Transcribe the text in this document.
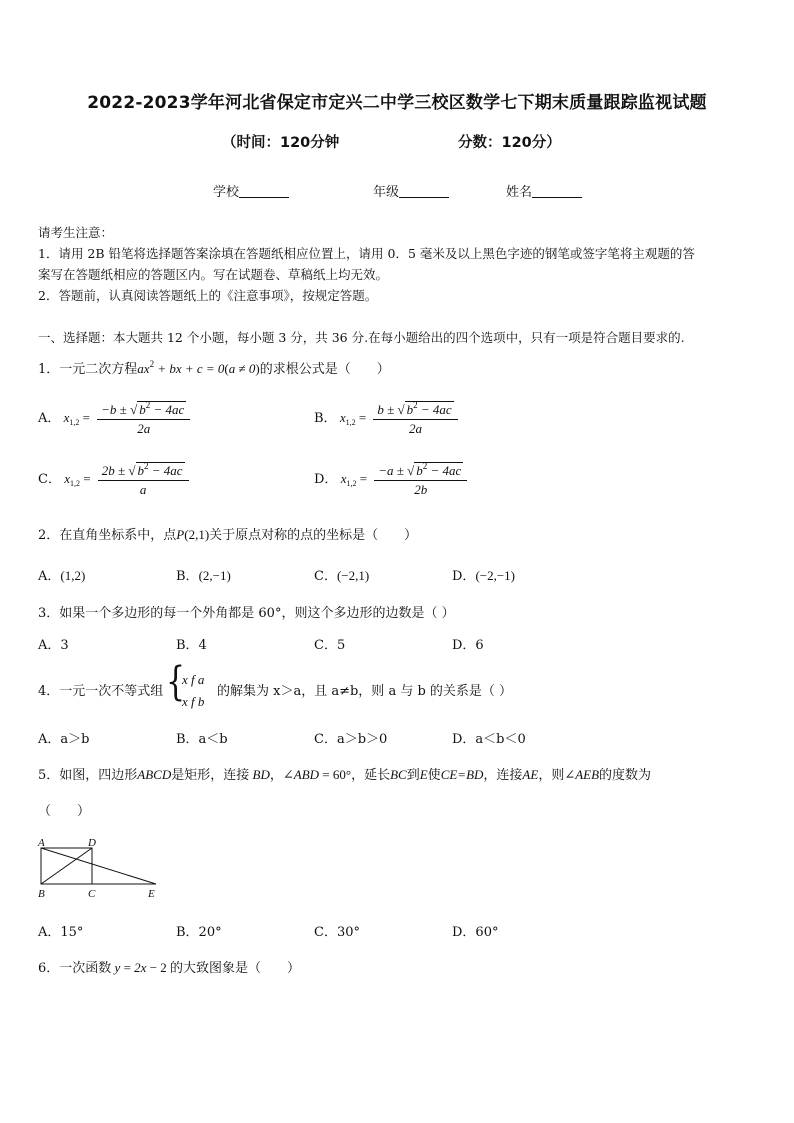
2022-2023学年河北省保定市定兴二中学三校区数学七下期末质量跟踪监视试题
（时间：120分钟	分数：120分）
学校	年级	姓名
请考生注意：
1．请用 2B 铅笔将选择题答案涂填在答题纸相应位置上，请用 0．5 毫米及以上黑色字迹的钢笔或签字笔将主观题的答
案写在答题纸相应的答题区内。写在试题卷、草稿纸上均无效。
2．答题前，认真阅读答题纸上的《注意事项》，按规定答题。
一、选择题：本大题共 12 个小题，每小题 3 分，共 36 分.在每小题给出的四个选项中，只有一项是符合题目要求的.
1．一元二次方程$ax^2$ + bx + c = 0(a ≠ 0)的求根公式是（　　）
A． $x_{1,2} = \frac{-b \pm √ b^2 - 4ac}{2a}$	B． $x_{1,2} = \frac{b \pm √ b^2 - 4ac}{2a}$
C． $x_{1,2} = \frac{2b \pm √ b^2 - 4ac}{a}$	D． $x_{1,2} = \frac{-a \pm √ b^2 - 4ac}{2b}$
2．在直角坐标系中，点P(2,1)关于原点对称的点的坐标是（　　）
A．(1,2)	B．(2,−1)	C．(−2,1)	D．(−2,−1)
3．如果一个多边形的每一个外角都是 60°，则这个多边形的边数是（ ）
A．3	B．4	C．5	D．6
4．一元一次不等式组 {
x f a
x f b
的解集为 x＞a，且 a≠b，则 a 与 b 的关系是（ ）
A．a＞b	B．a＜b	C．a＞b＞0	D．a＜b＜0
5．如图，四边形ABCD是矩形，连接 BD，∠ABD = 60°，延长BC到E使CE=BD，连接AE，则∠AEB的度数为
（　　）
A	D
B	C	E
A．15°	B．20°	C．30°	D．60°
6．一次函数 y = 2x − 2 的大致图象是（　　）
